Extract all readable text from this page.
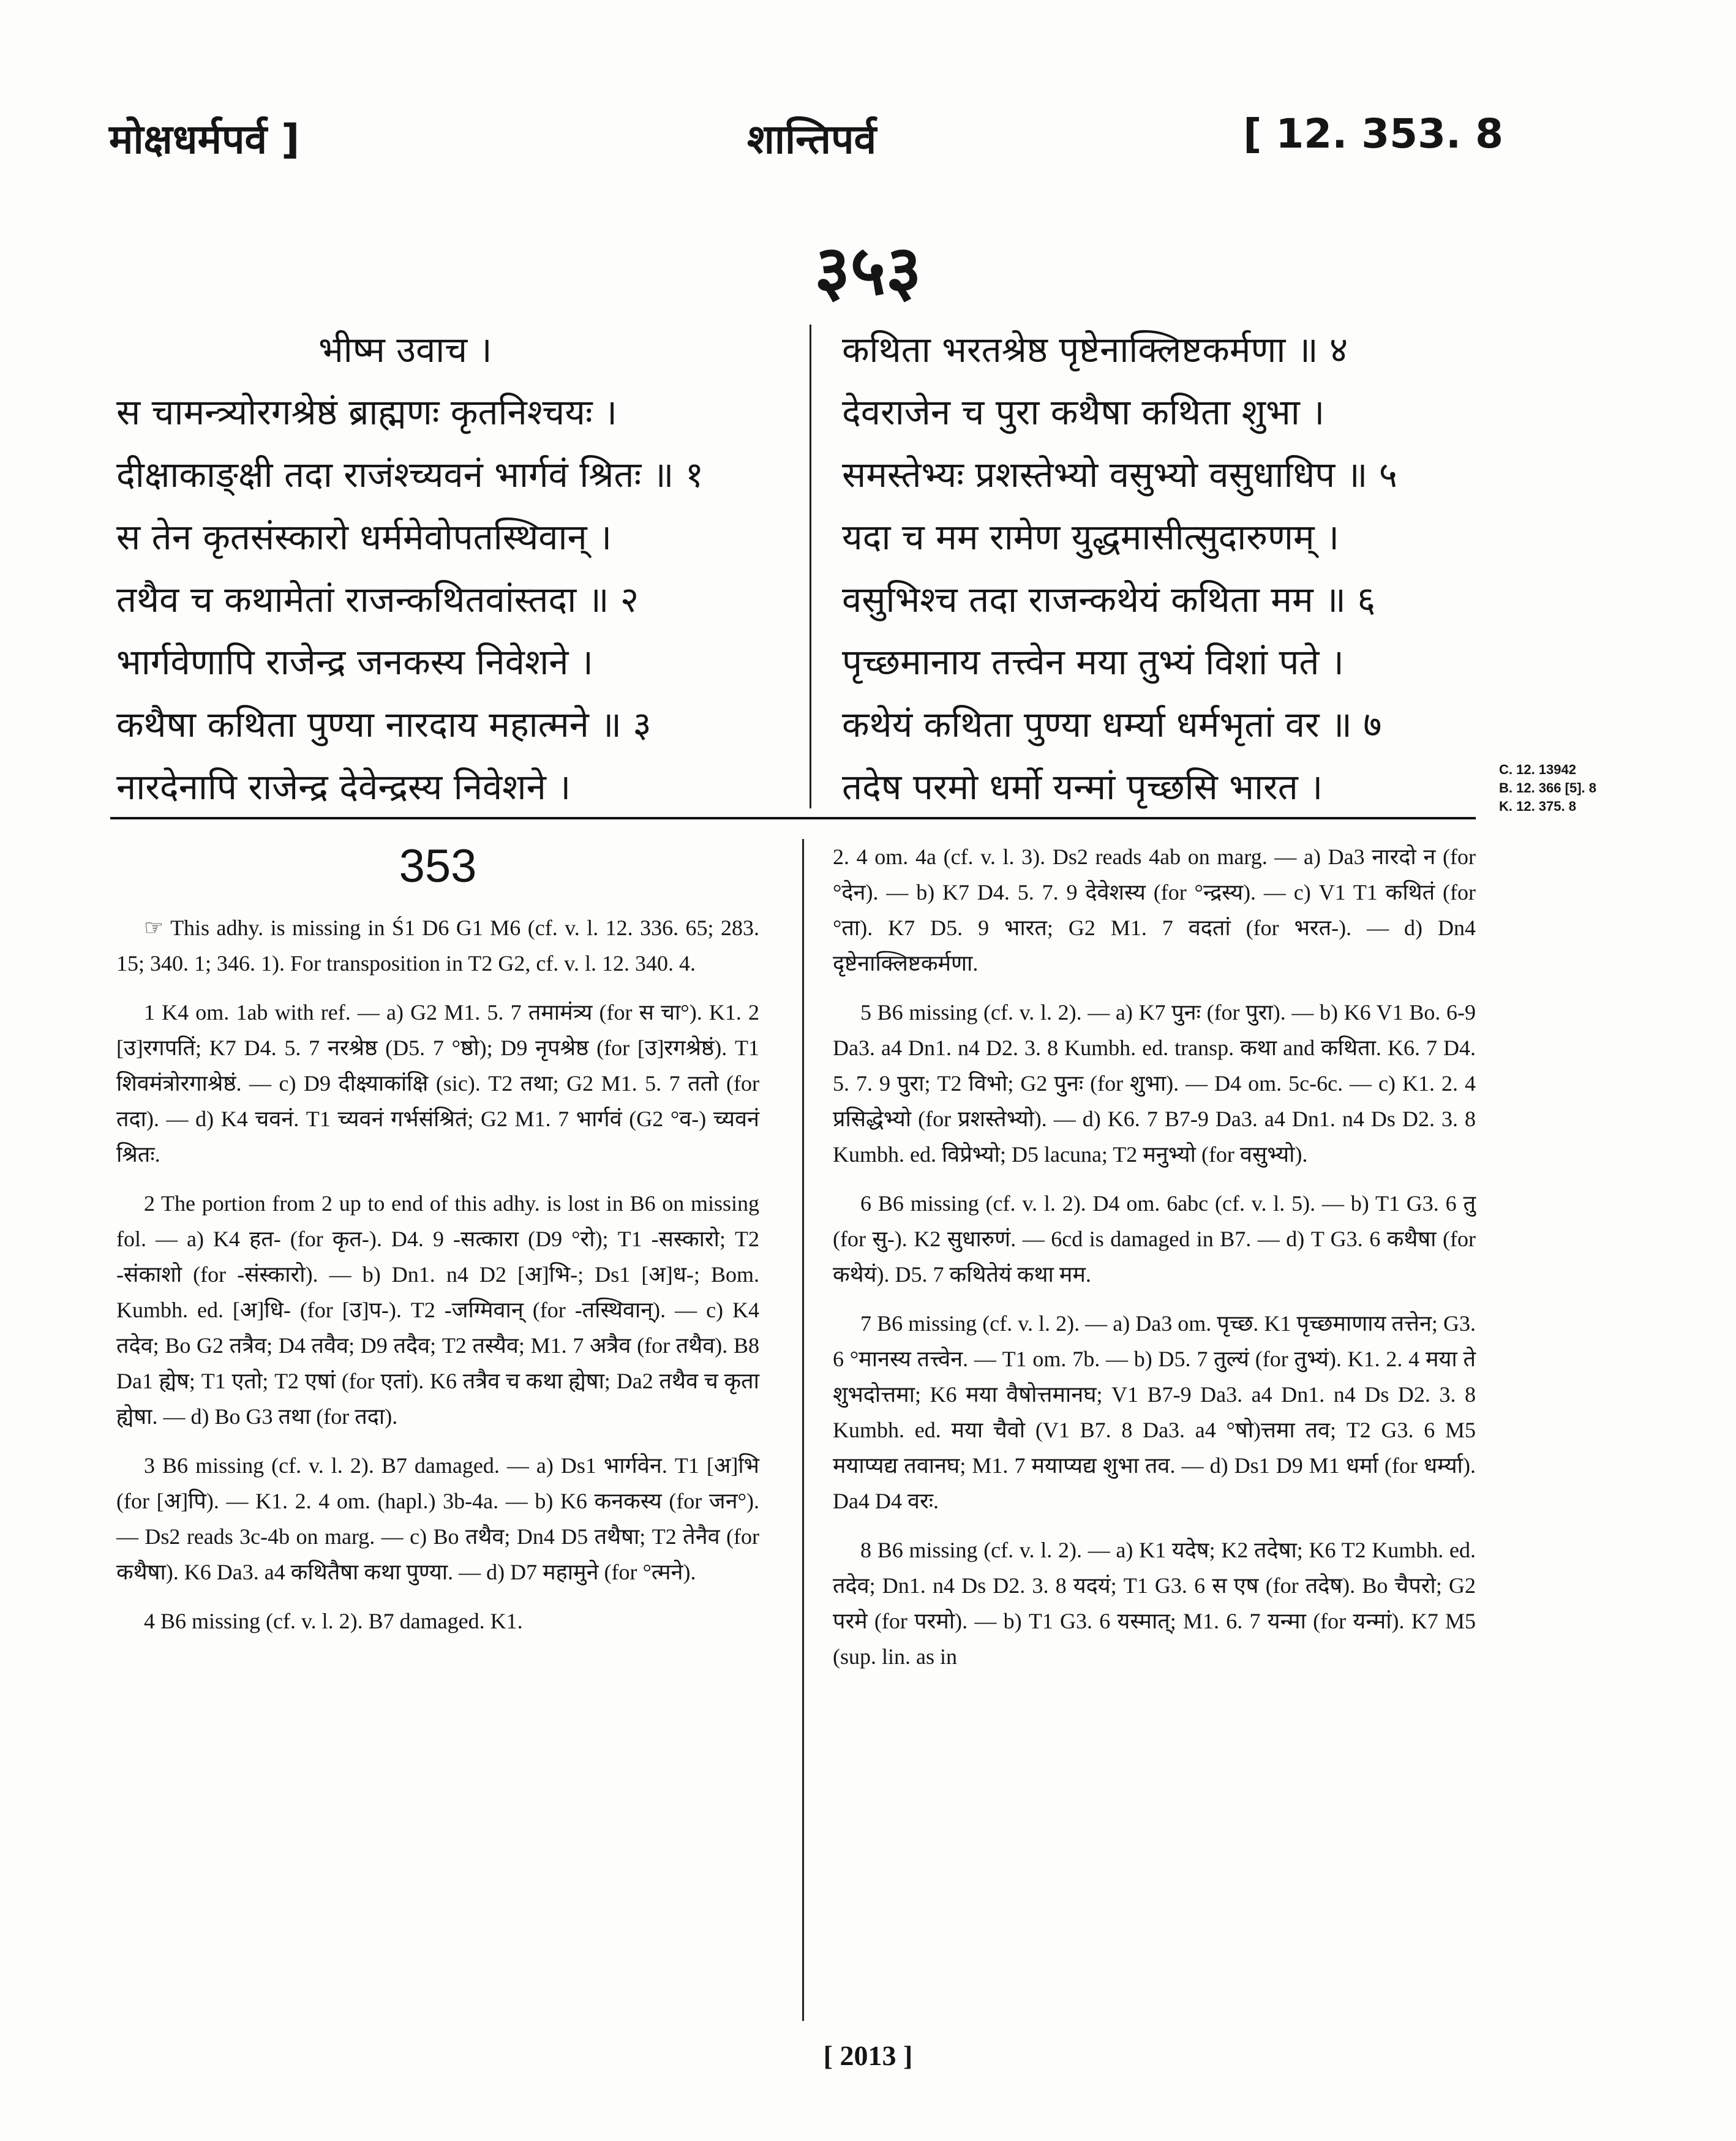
मोक्षधर्मपर्व ]	शान्तिपर्व	[ 12. 353. 8
३५३
भीष्म उवाच ।
स चामन्त्र्योरगश्रेष्ठं ब्राह्मणः कृतनिश्चयः ।
दीक्षाकाङ्क्षी तदा राजंश्च्यवनं भार्गवं श्रितः ॥ १
स तेन कृतसंस्कारो धर्ममेवोपतस्थिवान् ।
तथैव च कथामेतां राजन्कथितवांस्तदा ॥ २
भार्गवेणापि राजेन्द्र जनकस्य निवेशने ।
कथैषा कथिता पुण्या नारदाय महात्मने ॥ ३
नारदेनापि राजेन्द्र देवेन्द्रस्य निवेशने ।
कथिता भरतश्रेष्ठ पृष्टेनाक्लिष्टकर्मणा ॥ ४
देवराजेन च पुरा कथैषा कथिता शुभा ।
समस्तेभ्यः प्रशस्तेभ्यो वसुभ्यो वसुधाधिप ॥ ५
यदा च मम रामेण युद्धमासीत्सुदारुणम् ।
वसुभिश्च तदा राजन्कथेयं कथिता मम ॥ ६
पृच्छमानाय तत्त्वेन मया तुभ्यं विशां पते ।
कथेयं कथिता पुण्या धर्म्या धर्मभृतां वर ॥ ७
तदेष परमो धर्मो यन्मां पृच्छसि भारत ।	C. 12. 13942
B. 12. 366 [5]. 8
K. 12. 375. 8
353

☞ This adhy. is missing in Ś1 D6 G1 M6 (cf. v. l. 12. 336. 65; 283. 15; 340. 1; 346. 1). For transposition in T2 G2, cf. v. l. 12. 340. 4.

1 K4 om. 1ab with ref. — a) G2 M1. 5. 7 तमामंत्र्य (for स चा°). K1. 2 [उ]रगपतिं; K7 D4. 5. 7 नरश्रेष्ठ (D5. 7 °ष्ठो); D9 नृपश्रेष्ठ (for [उ]रगश्रेष्ठं). T1 शिवमंत्रोरगाश्रेष्ठं. — c) D9 दीक्ष्याकांक्षि (sic). T2 तथा; G2 M1. 5. 7 ततो (for तदा). — d) K4 चवनं. T1 च्यवनं गर्भसंश्रितं; G2 M1. 7 भार्गवं (G2 °व-) च्यवनं श्रितः.

2 The portion from 2 up to end of this adhy. is lost in B6 on missing fol. — a) K4 हत- (for कृत-). D4. 9 -सत्कारा (D9 °रो); T1 -सस्कारो; T2 -संकाशो (for -संस्कारो). — b) Dn1. n4 D2 [अ]भि-; Ds1 [अ]ध-; Bom. Kumbh. ed. [अ]धि- (for [उ]प-). T2 -जग्मिवान् (for -तस्थिवान्). — c) K4 तदेव; Bo G2 तत्रैव; D4 तवैव; D9 तदैव; T2 तस्यैव; M1. 7 अत्रैव (for तथैव). B8 Da1 ह्येष; T1 एतो; T2 एषां (for एतां). K6 तत्रैव च कथा ह्येषा; Da2 तथैव च कृता ह्येषा. — d) Bo G3 तथा (for तदा).

3 B6 missing (cf. v. l. 2). B7 damaged. — a) Ds1 भार्गवेन. T1 [अ]भि (for [अ]पि). — K1. 2. 4 om. (hapl.) 3b-4a. — b) K6 कनकस्य (for जन°). — Ds2 reads 3c-4b on marg. — c) Bo तथैव; Dn4 D5 तथैषा; T2 तेनैव (for कथैषा). K6 Da3. a4 कथितैषा कथा पुण्या. — d) D7 महामुने (for °त्मने).

4 B6 missing (cf. v. l. 2). B7 damaged. K1.

2. 4 om. 4a (cf. v. l. 3). Ds2 reads 4ab on marg. — a) Da3 नारदो न (for °देन). — b) K7 D4. 5. 7. 9 देवेशस्य (for °न्द्रस्य). — c) V1 T1 कथितं (for °ता). K7 D5. 9 भारत; G2 M1. 7 वदतां (for भरत-). — d) Dn4 दृष्टेनाक्लिष्टकर्मणा.

5 B6 missing (cf. v. l. 2). — a) K7 पुनः (for पुरा). — b) K6 V1 Bo. 6-9 Da3. a4 Dn1. n4 D2. 3. 8 Kumbh. ed. transp. कथा and कथिता. K6. 7 D4. 5. 7. 9 पुरा; T2 विभो; G2 पुनः (for शुभा). — D4 om. 5c-6c. — c) K1. 2. 4 प्रसिद्धेभ्यो (for प्रशस्तेभ्यो). — d) K6. 7 B7-9 Da3. a4 Dn1. n4 Ds D2. 3. 8 Kumbh. ed. विप्रेभ्यो; D5 lacuna; T2 मनुभ्यो (for वसुभ्यो).

6 B6 missing (cf. v. l. 2). D4 om. 6abc (cf. v. l. 5). — b) T1 G3. 6 तु (for सु-). K2 सुधारुणं. — 6cd is damaged in B7. — d) T G3. 6 कथैषा (for कथेयं). D5. 7 कथितेयं कथा मम.

7 B6 missing (cf. v. l. 2). — a) Da3 om. पृच्छ. K1 पृच्छमाणाय तत्तेन; G3. 6 °मानस्य तत्त्वेन. — T1 om. 7b. — b) D5. 7 तुल्यं (for तुभ्यं). K1. 2. 4 मया ते शुभदोत्तमा; K6 मया वैषोत्तमानघ; V1 B7-9 Da3. a4 Dn1. n4 Ds D2. 3. 8 Kumbh. ed. मया चैवो (V1 B7. 8 Da3. a4 °षो)त्तमा तव; T2 G3. 6 M5 मयाप्यद्य तवानघ; M1. 7 मयाप्यद्य शुभा तव. — d) Ds1 D9 M1 धर्मा (for धर्म्या). Da4 D4 वरः.

8 B6 missing (cf. v. l. 2). — a) K1 यदेष; K2 तदेषा; K6 T2 Kumbh. ed. तदेव; Dn1. n4 Ds D2. 3. 8 यदयं; T1 G3. 6 स एष (for तदेष). Bo चैपरो; G2 परमे (for परमो). — b) T1 G3. 6 यस्मात्; M1. 6. 7 यन्मा (for यन्मां). K7 M5 (sup. lin. as in

[ 2013 ]
